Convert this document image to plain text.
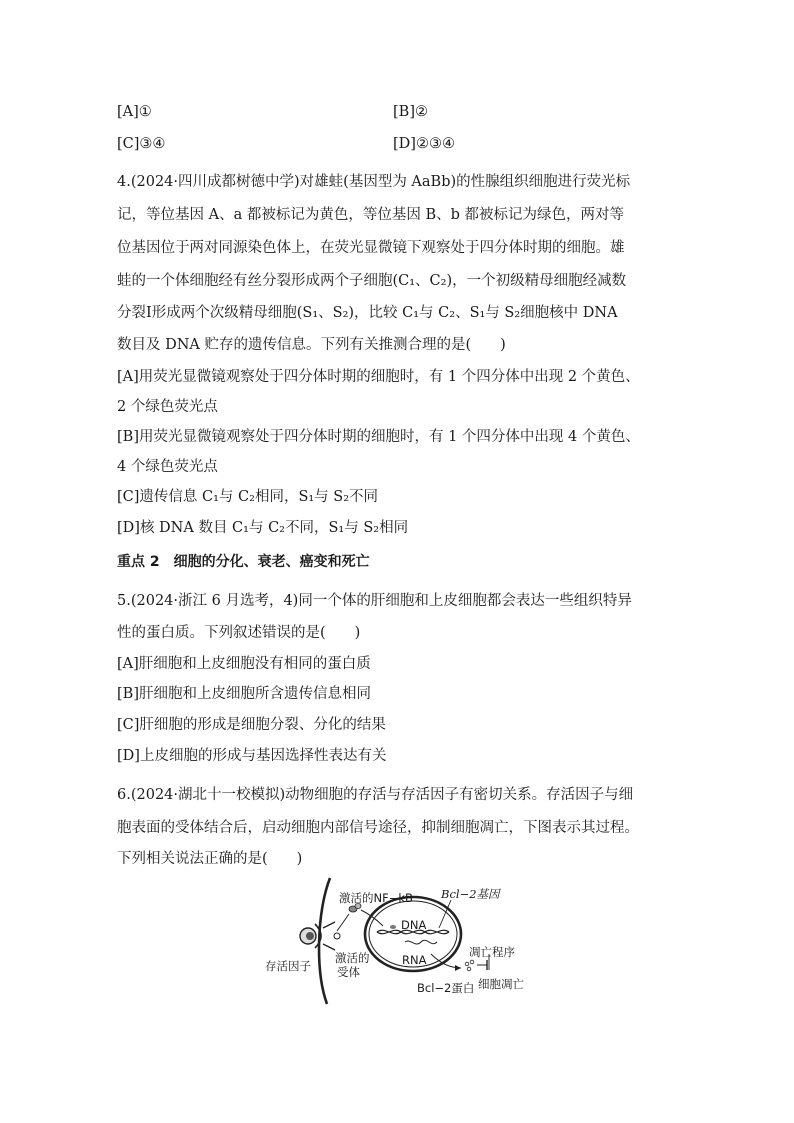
[A]①	[B]②
[C]③④	[D]②③④
4.(2024·四川成都树德中学)对雄蛙(基因型为 AaBb)的性腺组织细胞进行荧光标
记，等位基因 A、a 都被标记为黄色，等位基因 B、b 都被标记为绿色，两对等
位基因位于两对同源染色体上，在荧光显微镜下观察处于四分体时期的细胞。雄
蛙的一个体细胞经有丝分裂形成两个子细胞(C₁、C₂)，一个初级精母细胞经减数
分裂Ⅰ形成两个次级精母细胞(S₁、S₂)，比较 C₁与 C₂、S₁与 S₂细胞核中 DNA
数目及 DNA 贮存的遗传信息。下列有关推测合理的是(　　)
[A]用荧光显微镜观察处于四分体时期的细胞时，有 1 个四分体中出现 2 个黄色、
2 个绿色荧光点
[B]用荧光显微镜观察处于四分体时期的细胞时，有 1 个四分体中出现 4 个黄色、
4 个绿色荧光点
[C]遗传信息 C₁与 C₂相同，S₁与 S₂不同
[D]核 DNA 数目 C₁与 C₂不同，S₁与 S₂相同
重点 2　细胞的分化、衰老、癌变和死亡
5.(2024·浙江 6 月选考，4)同一个体的肝细胞和上皮细胞都会表达一些组织特异
性的蛋白质。下列叙述错误的是(　　)
[A]肝细胞和上皮细胞没有相同的蛋白质
[B]肝细胞和上皮细胞所含遗传信息相同
[C]肝细胞的形成是细胞分裂、分化的结果
[D]上皮细胞的形成与基因选择性表达有关
6.(2024·湖北十一校模拟)动物细胞的存活与存活因子有密切关系。存活因子与细
胞表面的受体结合后，启动细胞内部信号途径，抑制细胞凋亡，下图表示其过程。
下列相关说法正确的是(　　)
激活的NF−kB Bcl−2基因
DNA
RNA
存活因子
激活的
受体
凋亡程序
Bcl−2蛋白 细胞凋亡
